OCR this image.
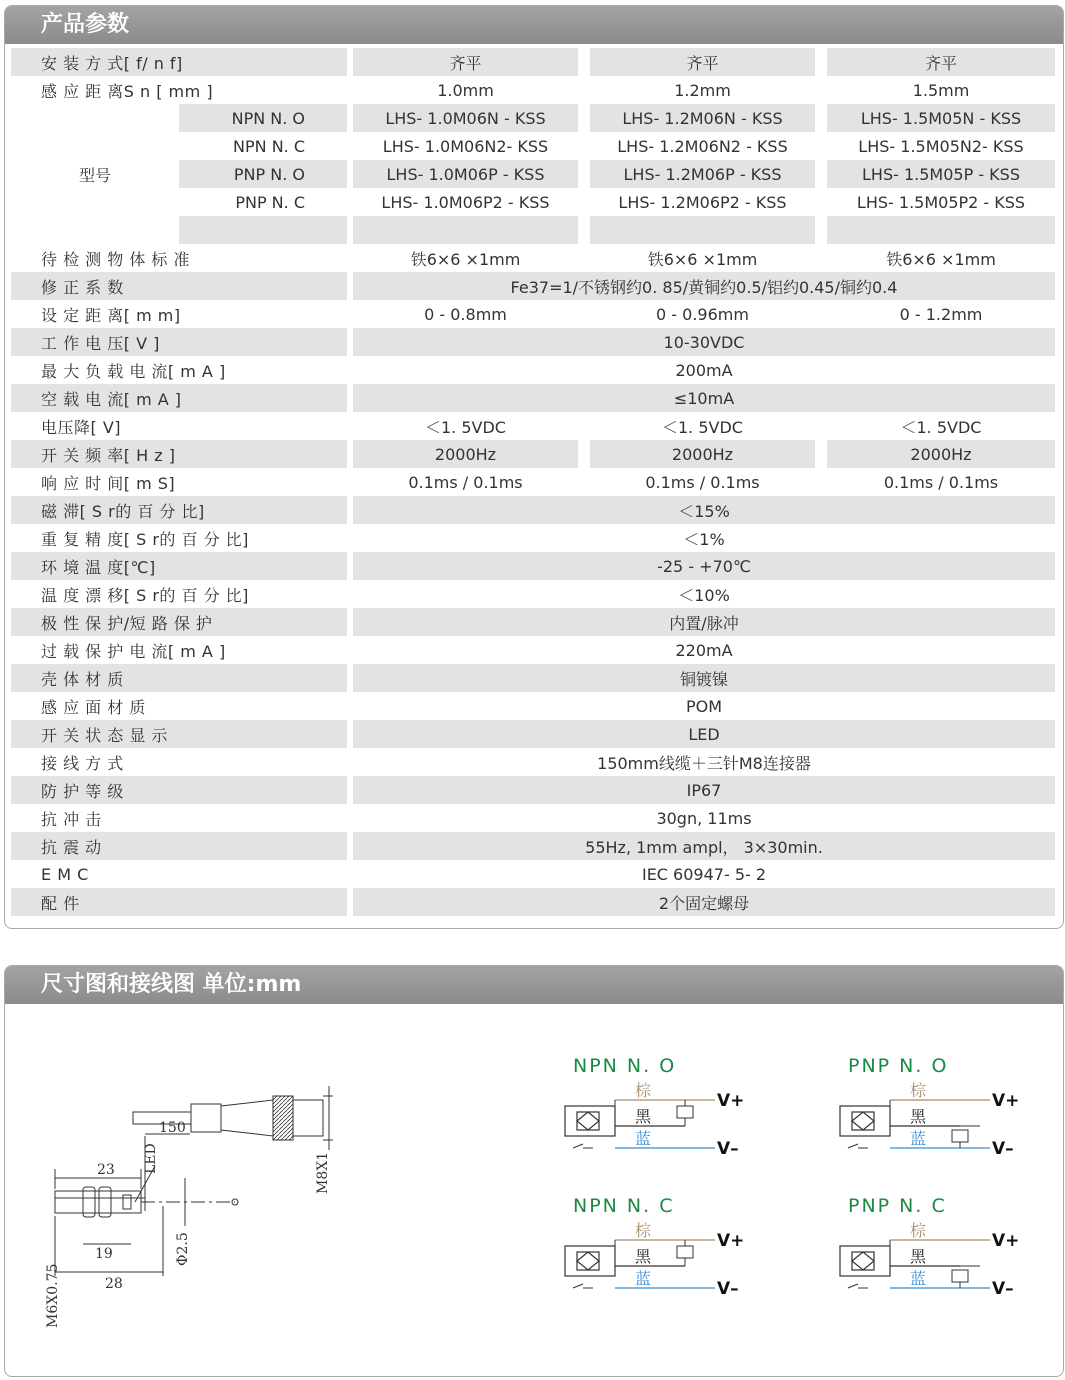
产品参数
安 装 方 式[ f/ n f]			齐平		齐平		齐平
感 应 距 离S n [ mm ]			1.0mm		1.2mm		1.5mm
型号	NPN N. O		LHS- 1.0M06N - KSS		LHS- 1.2M06N - KSS		LHS- 1.5M05N - KSS
	NPN N. C		LHS- 1.0M06N2- KSS		LHS- 1.2M06N2 - KSS		LHS- 1.5M05N2- KSS
	PNP N. O		LHS- 1.0M06P - KSS		LHS- 1.2M06P - KSS		LHS- 1.5M05P - KSS
	PNP N. C		LHS- 1.0M06P2 - KSS		LHS- 1.2M06P2 - KSS		LHS- 1.5M05P2 - KSS

待 检 测 物 体 标 准			铁6×6 ×1mm		铁6×6 ×1mm		铁6×6 ×1mm
修 正 系 数			Fe37=1/不锈钢约0. 85/黄铜约0.5/铝约0.45/铜约0.4				
设 定 距 离[ m m]			0 - 0.8mm		0 - 0.96mm		0 - 1.2mm
工 作 电 压[ V ]			10-30VDC				
最 大 负 载 电 流[ m A ]			200mA				
空 载 电 流[ m A ]			≤10mA				
电压降[ V]			＜1. 5VDC		＜1. 5VDC		＜1. 5VDC
开 关 频 率[ H z ]			2000Hz		2000Hz		2000Hz
响 应 时 间[ m S]			0.1ms / 0.1ms		0.1ms / 0.1ms		0.1ms / 0.1ms
磁 滞[ S r的 百 分 比]			＜15%				
重 复 精 度[ S r的 百 分 比]			＜1%				
环 境 温 度[℃]			-25 - +70℃				
温 度 漂 移[ S r的 百 分 比]			＜10%				
极 性 保 护/短 路 保 护			内置/脉冲				
过 载 保 护 电 流[ m A ]			220mA				
壳 体 材 质			铜镀镍				
感 应 面 材 质			POM				
开 关 状 态 显 示			LED				
接 线 方 式			150mm线缆＋三针M8连接器				
防 护 等 级			IP67				
抗 冲 击			30gn, 11ms				
抗 震 动			55Hz, 1mm ampl， 3×30min.				
E M C			IEC 60947- 5- 2				
配 件			2个固定螺母				
尺寸图和接线图 单位:mm
150
23
19
28
M8X1
M6X0.75
Φ2.5
LED
NPN N. O
棕
黑
蓝
V+
V–
PNP N. O
棕
黑
蓝
V+
V–
NPN N. C
棕
黑
蓝
V+
V–
PNP N. C
棕
黑
蓝
V+
V–
